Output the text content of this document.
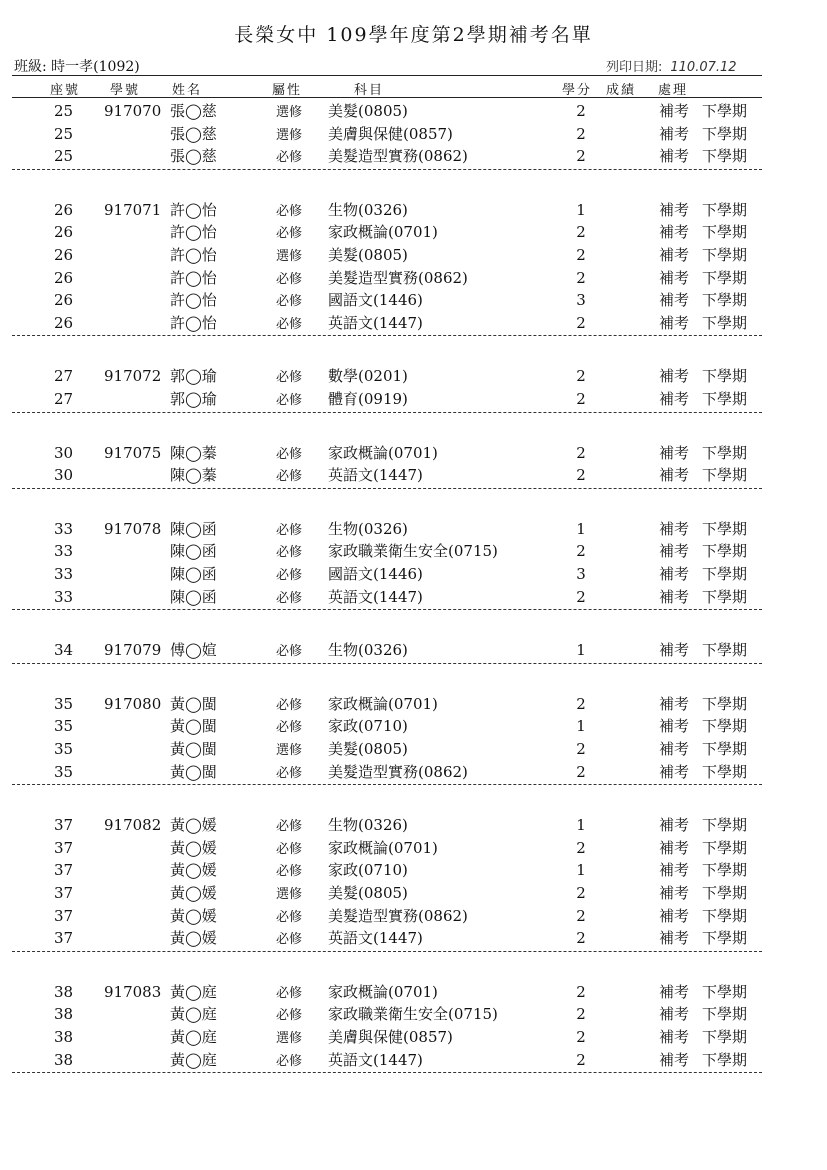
長榮女中 109學年度第2學期補考名單
班級: 時一孝(1092)	列印日期: 110.07.12
座號 學號 姓名	屬性	科目	學分 成績 處理
25 917070 張◯慈	選修 美髮(0805)	2	補考 下學期
25	張◯慈	選修 美膚與保健(0857)	2	補考 下學期
25	張◯慈	必修 美髮造型實務(0862)	2	補考 下學期
26 917071 許◯怡	必修 生物(0326)	1	補考 下學期
26	許◯怡	必修 家政概論(0701)	2	補考 下學期
26	許◯怡	選修 美髮(0805)	2	補考 下學期
26	許◯怡	必修 美髮造型實務(0862)	2	補考 下學期
26	許◯怡	必修 國語文(1446)	3	補考 下學期
26	許◯怡	必修 英語文(1447)	2	補考 下學期
27 917072 郭◯瑜	必修 數學(0201)	2	補考 下學期
27	郭◯瑜	必修 體育(0919)	2	補考 下學期
30 917075 陳◯蓁	必修 家政概論(0701)	2	補考 下學期
30	陳◯蓁	必修 英語文(1447)	2	補考 下學期
33 917078 陳◯函	必修 生物(0326)	1	補考 下學期
33	陳◯函	必修 家政職業衛生安全(0715)	2	補考 下學期
33	陳◯函	必修 國語文(1446)	3	補考 下學期
33	陳◯函	必修 英語文(1447)	2	補考 下學期
34 917079 傅◯媗	必修 生物(0326)	1	補考 下學期
35 917080 黃◯閩	必修 家政概論(0701)	2	補考 下學期
35	黃◯閩	必修 家政(0710)	1	補考 下學期
35	黃◯閩	選修 美髮(0805)	2	補考 下學期
35	黃◯閩	必修 美髮造型實務(0862)	2	補考 下學期
37 917082 黃◯媛	必修 生物(0326)	1	補考 下學期
37	黃◯媛	必修 家政概論(0701)	2	補考 下學期
37	黃◯媛	必修 家政(0710)	1	補考 下學期
37	黃◯媛	選修 美髮(0805)	2	補考 下學期
37	黃◯媛	必修 美髮造型實務(0862)	2	補考 下學期
37	黃◯媛	必修 英語文(1447)	2	補考 下學期
38 917083 黃◯庭	必修 家政概論(0701)	2	補考 下學期
38	黃◯庭	必修 家政職業衛生安全(0715)	2	補考 下學期
38	黃◯庭	選修 美膚與保健(0857)	2	補考 下學期
38	黃◯庭	必修 英語文(1447)	2	補考 下學期
